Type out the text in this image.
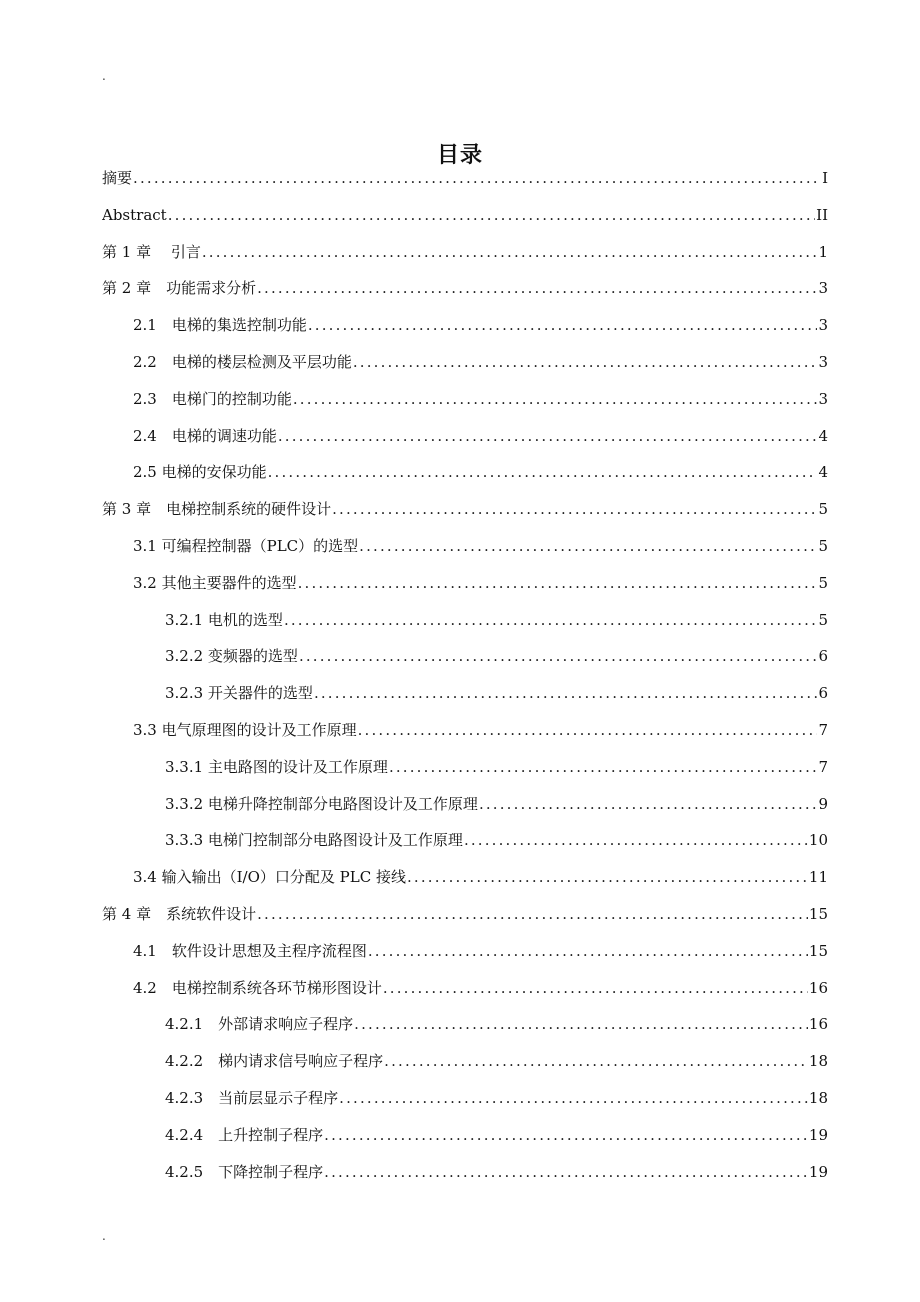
.
目录
摘要 . . .	I
Abstract . . .	II
第 1 章　 引言 . . .	1
第 2 章　功能需求分析 . . .	3
2.1　电梯的集选控制功能 . . .	3
2.2　电梯的楼层检测及平层功能 . . .	3
2.3　电梯门的控制功能 . . .	3
2.4　电梯的调速功能 . . .	4
2.5 电梯的安保功能 . . .	4
第 3 章　电梯控制系统的硬件设计 . . .	5
3.1 可编程控制器（PLC）的选型 . . .	5
3.2 其他主要器件的选型 . . .	5
3.2.1 电机的选型 . . .	5
3.2.2 变频器的选型 . . .	6
3.2.3 开关器件的选型 . . .	6
3.3 电气原理图的设计及工作原理 . . .	7
3.3.1 主电路图的设计及工作原理 . . .	7
3.3.2 电梯升降控制部分电路图设计及工作原理 . . .	9
3.3.3 电梯门控制部分电路图设计及工作原理 . . .	10
3.4 输入输出（I/O）口分配及 PLC 接线 . . .	11
第 4 章　系统软件设计 . . .	15
4.1　软件设计思想及主程序流程图 . . .	15
4.2　电梯控制系统各环节梯形图设计 . . .	16
4.2.1　外部请求响应子程序 . . .	16
4.2.2　梯内请求信号响应子程序 . . .	18
4.2.3　当前层显示子程序 . . .	18
4.2.4　上升控制子程序 . . .	19
4.2.5　下降控制子程序 . . .	19
.
